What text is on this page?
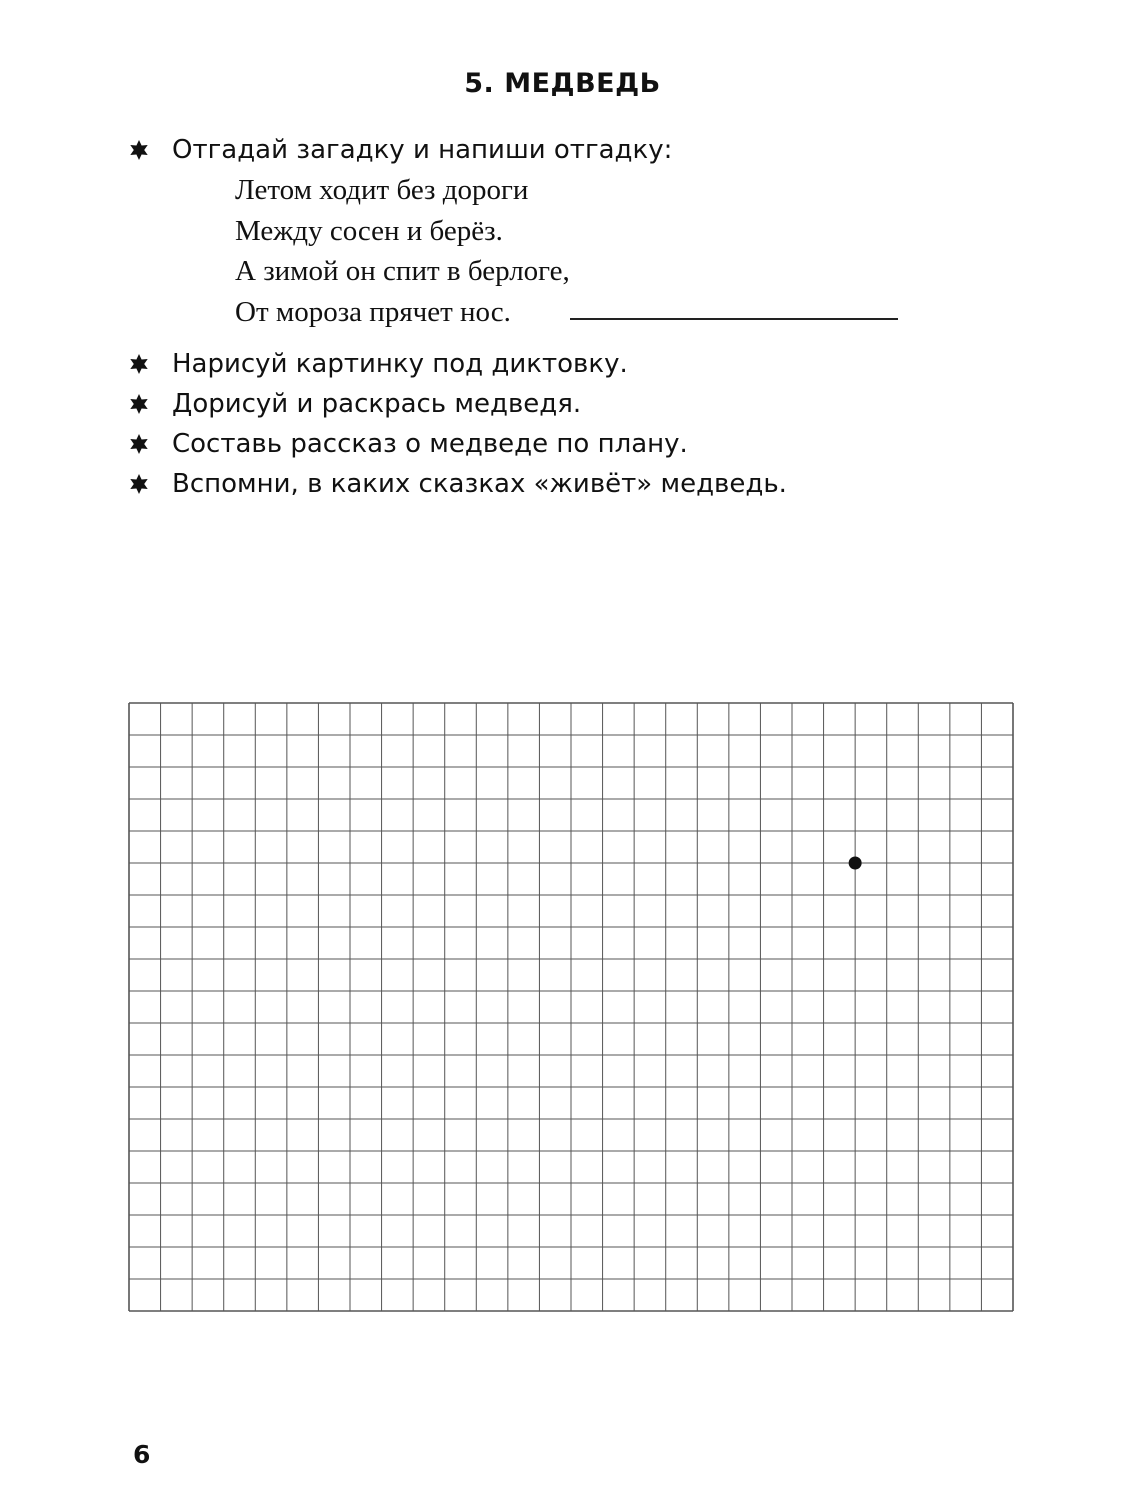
5. МЕДВЕДЬ
Отгадай загадку и напиши отгадку:
Летом ходит без дороги
Между сосен и берёз.
А зимой он спит в берлоге,
От мороза прячет нос.
Нарисуй картинку под диктовку.
Дорисуй и раскрась медведя.
Составь рассказ о медведе по плану.
Вспомни, в каких сказках «живёт» медведь.
6
